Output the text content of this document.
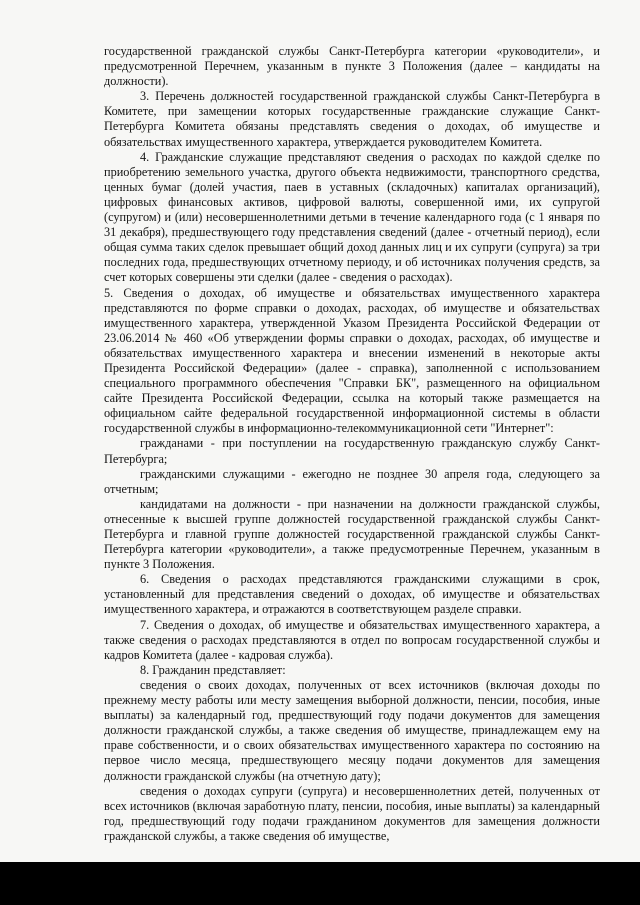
государственной гражданской службы Санкт-Петербурга категории «руководители», и предусмотренной Перечнем, указанным в пункте 3 Положения (далее – кандидаты на должности).

3. Перечень должностей государственной гражданской службы Санкт-Петербурга в Комитете, при замещении которых государственные гражданские служащие Санкт-Петербурга Комитета обязаны представлять сведения о доходах, об имуществе и обязательствах имущественного характера, утверждается руководителем Комитета.

4. Гражданские служащие представляют сведения о расходах по каждой сделке по приобретению земельного участка, другого объекта недвижимости, транспортного средства, ценных бумаг (долей участия, паев в уставных (складочных) капиталах организаций), цифровых финансовых активов, цифровой валюты, совершенной ими, их супругой (супругом) и (или) несовершеннолетними детьми в течение календарного года (с 1 января по 31 декабря), предшествующего году представления сведений (далее - отчетный период), если общая сумма таких сделок превышает общий доход данных лиц и их супруги (супруга) за три последних года, предшествующих отчетному периоду, и об источниках получения средств, за счет которых совершены эти сделки (далее - сведения о расходах).

5. Сведения о доходах, об имуществе и обязательствах имущественного характера представляются по форме справки о доходах, расходах, об имуществе и обязательствах имущественного характера, утвержденной Указом Президента Российской Федерации от 23.06.2014 № 460 «Об утверждении формы справки о доходах, расходах, об имуществе и обязательствах имущественного характера и внесении изменений в некоторые акты Президента Российской Федерации» (далее - справка), заполненной с использованием специального программного обеспечения "Справки БК", размещенного на официальном сайте Президента Российской Федерации, ссылка на который также размещается на официальном сайте федеральной государственной информационной системы в области государственной службы в информационно-телекоммуникационной сети "Интернет":

гражданами - при поступлении на государственную гражданскую службу Санкт-Петербурга;

гражданскими служащими - ежегодно не позднее 30 апреля года, следующего за отчетным;

кандидатами на должности - при назначении на должности гражданской службы, отнесенные к высшей группе должностей государственной гражданской службы Санкт-Петербурга и главной группе должностей государственной гражданской службы Санкт-Петербурга категории «руководители», а также предусмотренные Перечнем, указанным в пункте 3 Положения.

6. Сведения о расходах представляются гражданскими служащими в срок, установленный для представления сведений о доходах, об имуществе и обязательствах имущественного характера, и отражаются в соответствующем разделе справки.

7. Сведения о доходах, об имуществе и обязательствах имущественного характера, а также сведения о расходах представляются в отдел по вопросам государственной службы и кадров Комитета (далее - кадровая служба).

8. Гражданин представляет:

сведения о своих доходах, полученных от всех источников (включая доходы по прежнему месту работы или месту замещения выборной должности, пенсии, пособия, иные выплаты) за календарный год, предшествующий году подачи документов для замещения должности гражданской службы, а также сведения об имуществе, принадлежащем ему на праве собственности, и о своих обязательствах имущественного характера по состоянию на первое число месяца, предшествующего месяцу подачи документов для замещения должности гражданской службы (на отчетную дату);

сведения о доходах супруги (супруга) и несовершеннолетних детей, полученных от всех источников (включая заработную плату, пенсии, пособия, иные выплаты) за календарный год, предшествующий году подачи гражданином документов для замещения должности гражданской службы, а также сведения об имуществе,
